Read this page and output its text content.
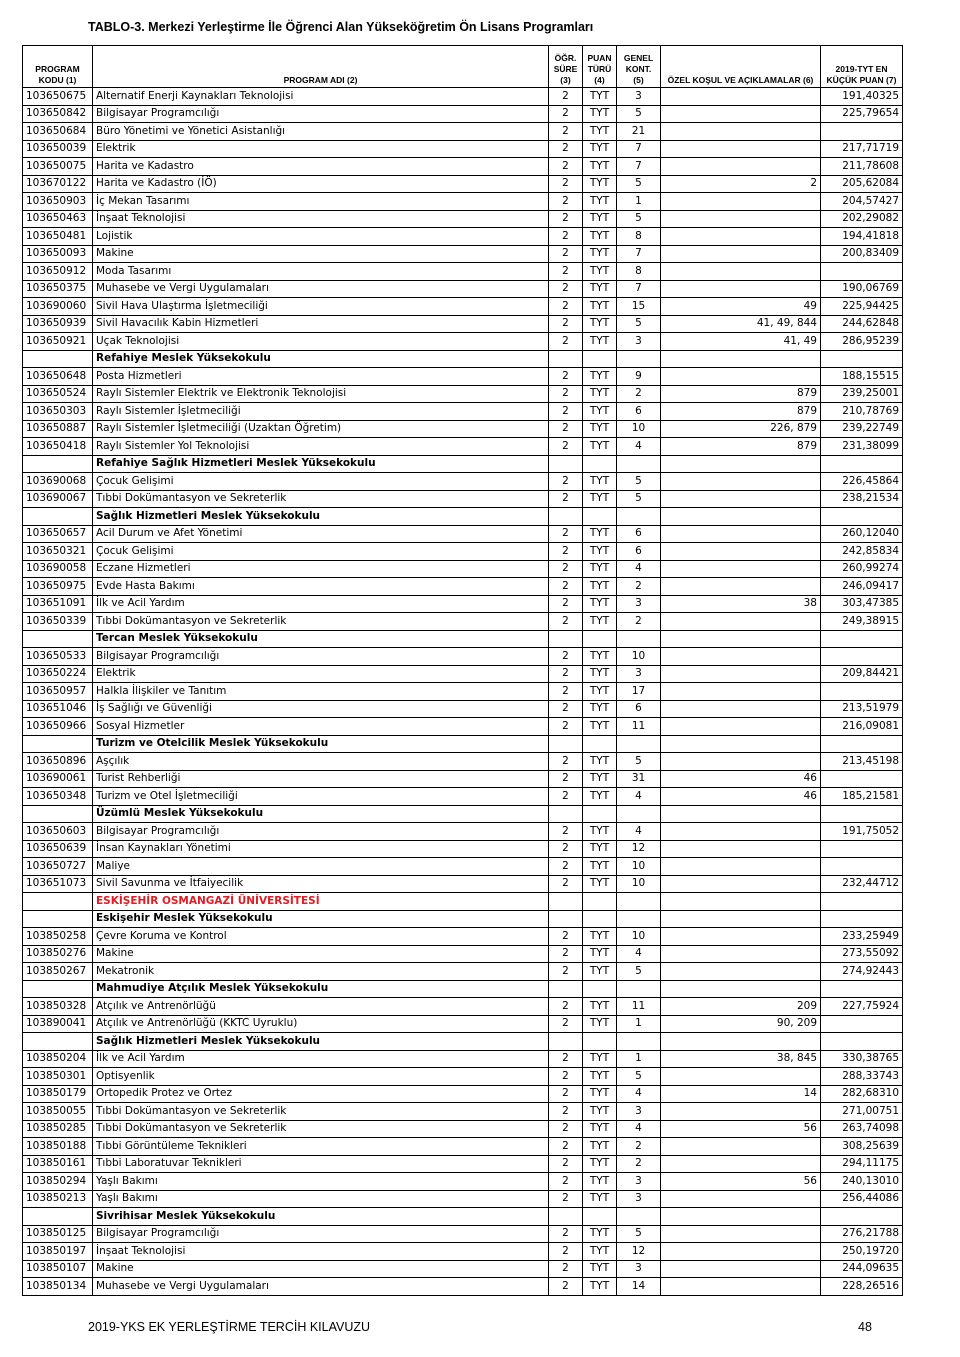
TABLO-3. Merkezi Yerleştirme İle Öğrenci Alan Yükseköğretim Ön Lisans Programları
PROGRAM KODU (1)	PROGRAM ADI (2)	ÖĞR. SÜRE (3)	PUAN TÜRÜ (4)	GENEL KONT. (5)	ÖZEL KOŞUL VE AÇIKLAMALAR (6)	2019-TYT EN KÜÇÜK PUAN (7)
103650675	Alternatif Enerji Kaynakları Teknolojisi	2	TYT	3		191,40325
103650842	Bilgisayar Programcılığı	2	TYT	5		225,79654
103650684	Büro Yönetimi ve Yönetici Asistanlığı	2	TYT	21		
103650039	Elektrik	2	TYT	7		217,71719
103650075	Harita ve Kadastro	2	TYT	7		211,78608
103670122	Harita ve Kadastro (İÖ)	2	TYT	5	2	205,62084
103650903	İç Mekan Tasarımı	2	TYT	1		204,57427
103650463	İnşaat Teknolojisi	2	TYT	5		202,29082
103650481	Lojistik	2	TYT	8		194,41818
103650093	Makine	2	TYT	7		200,83409
103650912	Moda Tasarımı	2	TYT	8		
103650375	Muhasebe ve Vergi Uygulamaları	2	TYT	7		190,06769
103690060	Sivil Hava Ulaştırma İşletmeciliği	2	TYT	15	49	225,94425
103650939	Sivil Havacılık Kabin Hizmetleri	2	TYT	5	41, 49, 844	244,62848
103650921	Uçak Teknolojisi	2	TYT	3	41, 49	286,95239
	Refahiye Meslek Yüksekokulu					
103650648	Posta Hizmetleri	2	TYT	9		188,15515
103650524	Raylı Sistemler Elektrik ve Elektronik Teknolojisi	2	TYT	2	879	239,25001
103650303	Raylı Sistemler İşletmeciliği	2	TYT	6	879	210,78769
103650887	Raylı Sistemler İşletmeciliği (Uzaktan Öğretim)	2	TYT	10	226, 879	239,22749
103650418	Raylı Sistemler Yol Teknolojisi	2	TYT	4	879	231,38099
	Refahiye Sağlık Hizmetleri Meslek Yüksekokulu					
103690068	Çocuk Gelişimi	2	TYT	5		226,45864
103690067	Tıbbi Dokümantasyon ve Sekreterlik	2	TYT	5		238,21534
	Sağlık Hizmetleri Meslek Yüksekokulu					
103650657	Acil Durum ve Afet Yönetimi	2	TYT	6		260,12040
103650321	Çocuk Gelişimi	2	TYT	6		242,85834
103690058	Eczane Hizmetleri	2	TYT	4		260,99274
103650975	Evde Hasta Bakımı	2	TYT	2		246,09417
103651091	İlk ve Acil Yardım	2	TYT	3	38	303,47385
103650339	Tıbbi Dokümantasyon ve Sekreterlik	2	TYT	2		249,38915
	Tercan Meslek Yüksekokulu					
103650533	Bilgisayar Programcılığı	2	TYT	10		
103650224	Elektrik	2	TYT	3		209,84421
103650957	Halkla İlişkiler ve Tanıtım	2	TYT	17		
103651046	İş Sağlığı ve Güvenliği	2	TYT	6		213,51979
103650966	Sosyal Hizmetler	2	TYT	11		216,09081
	Turizm ve Otelcilik Meslek Yüksekokulu					
103650896	Aşçılık	2	TYT	5		213,45198
103690061	Turist Rehberliği	2	TYT	31	46	
103650348	Turizm ve Otel İşletmeciliği	2	TYT	4	46	185,21581
	Üzümlü Meslek Yüksekokulu					
103650603	Bilgisayar Programcılığı	2	TYT	4		191,75052
103650639	İnsan Kaynakları Yönetimi	2	TYT	12		
103650727	Maliye	2	TYT	10		
103651073	Sivil Savunma ve İtfaiyecilik	2	TYT	10		232,44712
	ESKİŞEHİR OSMANGAZİ ÜNİVERSİTESİ					
	Eskişehir Meslek Yüksekokulu					
103850258	Çevre Koruma ve Kontrol	2	TYT	10		233,25949
103850276	Makine	2	TYT	4		273,55092
103850267	Mekatronik	2	TYT	5		274,92443
	Mahmudiye Atçılık Meslek Yüksekokulu					
103850328	Atçılık ve Antrenörlüğü	2	TYT	11	209	227,75924
103890041	Atçılık ve Antrenörlüğü (KKTC Uyruklu)	2	TYT	1	90, 209	
	Sağlık Hizmetleri Meslek Yüksekokulu					
103850204	İlk ve Acil Yardım	2	TYT	1	38, 845	330,38765
103850301	Optisyenlik	2	TYT	5		288,33743
103850179	Ortopedik Protez ve Ortez	2	TYT	4	14	282,68310
103850055	Tıbbi Dokümantasyon ve Sekreterlik	2	TYT	3		271,00751
103850285	Tıbbi Dokümantasyon ve Sekreterlik	2	TYT	4	56	263,74098
103850188	Tıbbi Görüntüleme Teknikleri	2	TYT	2		308,25639
103850161	Tıbbi Laboratuvar Teknikleri	2	TYT	2		294,11175
103850294	Yaşlı Bakımı	2	TYT	3	56	240,13010
103850213	Yaşlı Bakımı	2	TYT	3		256,44086
	Sivrihisar Meslek Yüksekokulu					
103850125	Bilgisayar Programcılığı	2	TYT	5		276,21788
103850197	İnşaat Teknolojisi	2	TYT	12		250,19720
103850107	Makine	2	TYT	3		244,09635
103850134	Muhasebe ve Vergi Uygulamaları	2	TYT	14		228,26516
2019-YKS EK YERLEŞTİRME TERCİH KILAVUZU	48
